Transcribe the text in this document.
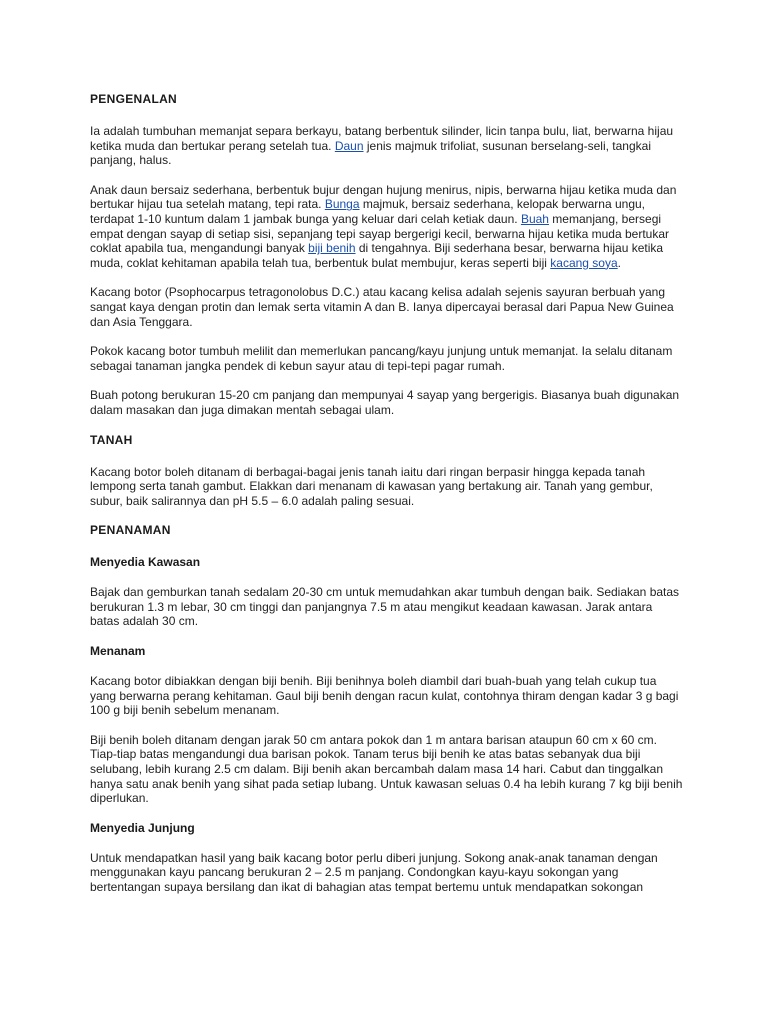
PENGENALAN

Ia adalah tumbuhan memanjat separa berkayu, batang berbentuk silinder, licin tanpa bulu, liat, berwarna hijau ketika muda dan bertukar perang setelah tua. Daun jenis majmuk trifoliat, susunan berselang-seli, tangkai panjang, halus.

Anak daun bersaiz sederhana, berbentuk bujur dengan hujung menirus, nipis, berwarna hijau ketika muda dan bertukar hijau tua setelah matang, tepi rata. Bunga majmuk, bersaiz sederhana, kelopak berwarna ungu, terdapat 1-10 kuntum dalam 1 jambak bunga yang keluar dari celah ketiak daun. Buah memanjang, bersegi empat dengan sayap di setiap sisi, sepanjang tepi sayap bergerigi kecil, berwarna hijau ketika muda bertukar coklat apabila tua, mengandungi banyak biji benih di tengahnya. Biji sederhana besar, berwarna hijau ketika muda, coklat kehitaman apabila telah tua, berbentuk bulat membujur, keras seperti biji kacang soya.

Kacang botor (Psophocarpus tetragonolobus D.C.) atau kacang kelisa adalah sejenis sayuran berbuah yang sangat kaya dengan protin dan lemak serta vitamin A dan B. Ianya dipercayai berasal dari Papua New Guinea dan Asia Tenggara.

Pokok kacang botor tumbuh melilit dan memerlukan pancang/kayu junjung untuk memanjat. Ia selalu ditanam sebagai tanaman jangka pendek di kebun sayur atau di tepi-tepi pagar rumah.

Buah potong berukuran 15-20 cm panjang dan mempunyai 4 sayap yang bergerigis. Biasanya buah digunakan dalam masakan dan juga dimakan mentah sebagai ulam.

TANAH

Kacang botor boleh ditanam di berbagai-bagai jenis tanah iaitu dari ringan berpasir hingga kepada tanah lempong serta tanah gambut. Elakkan dari menanam di kawasan yang bertakung air. Tanah yang gembur, subur, baik salirannya dan pH 5.5 – 6.0 adalah paling sesuai.

PENANAMAN
Menyedia Kawasan

Bajak dan gemburkan tanah sedalam 20-30 cm untuk memudahkan akar tumbuh dengan baik. Sediakan batas berukuran 1.3 m lebar, 30 cm tinggi dan panjangnya 7.5 m atau mengikut keadaan kawasan. Jarak antara batas adalah 30 cm.

Menanam

Kacang botor dibiakkan dengan biji benih. Biji benihnya boleh diambil dari buah-buah yang telah cukup tua yang berwarna perang kehitaman. Gaul biji benih dengan racun kulat, contohnya thiram dengan kadar 3 g bagi 100 g biji benih sebelum menanam.

Biji benih boleh ditanam dengan jarak 50 cm antara pokok dan 1 m antara barisan ataupun 60 cm x 60 cm. Tiap-tiap batas mengandungi dua barisan pokok. Tanam terus biji benih ke atas batas sebanyak dua biji selubang, lebih kurang 2.5 cm dalam. Biji benih akan bercambah dalam masa 14 hari. Cabut dan tinggalkan hanya satu anak benih yang sihat pada setiap lubang. Untuk kawasan seluas 0.4 ha lebih kurang 7 kg biji benih diperlukan.

Menyedia Junjung

Untuk mendapatkan hasil yang baik kacang botor perlu diberi junjung. Sokong anak-anak tanaman dengan
menggunakan kayu pancang berukuran 2 – 2.5 m panjang. Condongkan kayu-kayu sokongan yang bertentangan supaya bersilang dan ikat di bahagian atas tempat bertemu untuk mendapatkan sokongan
